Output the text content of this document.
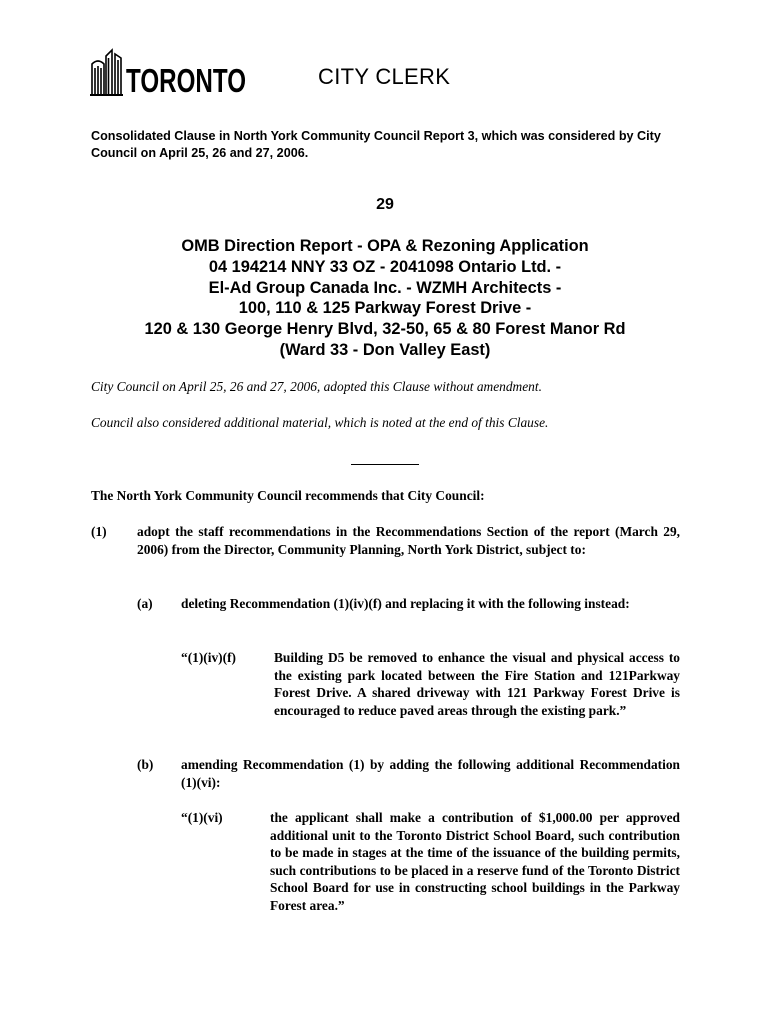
TORONTO	CITY CLERK
Consolidated Clause in North York Community Council Report 3, which was considered by City Council on April 25, 26 and 27, 2006.
29
OMB Direction Report - OPA & Rezoning Application
04 194214 NNY 33 OZ - 2041098 Ontario Ltd. -
El-Ad Group Canada Inc. - WZMH Architects -
100, 110 & 125 Parkway Forest Drive -
120 & 130 George Henry Blvd, 32-50, 65 & 80 Forest Manor Rd
(Ward 33 - Don Valley East)
City Council on April 25, 26 and 27, 2006, adopted this Clause without amendment.
Council also considered additional material, which is noted at the end of this Clause.
The North York Community Council recommends that City Council:
(1) adopt the staff recommendations in the Recommendations Section of the report (March 29, 2006) from the Director, Community Planning, North York District, subject to:
(a) deleting Recommendation (1)(iv)(f) and replacing it with the following instead:
“(1)(iv)(f)	Building D5 be removed to enhance the visual and physical access to the existing park located between the Fire Station and 121Parkway Forest Drive. A shared driveway with 121 Parkway Forest Drive is encouraged to reduce paved areas through the existing park.”
(b) amending Recommendation (1) by adding the following additional Recommendation (1)(vi):
“(1)(vi)	the applicant shall make a contribution of $1,000.00 per approved additional unit to the Toronto District School Board, such contribution to be made in stages at the time of the issuance of the building permits, such contributions to be placed in a reserve fund of the Toronto District School Board for use in constructing school buildings in the Parkway Forest area.”
